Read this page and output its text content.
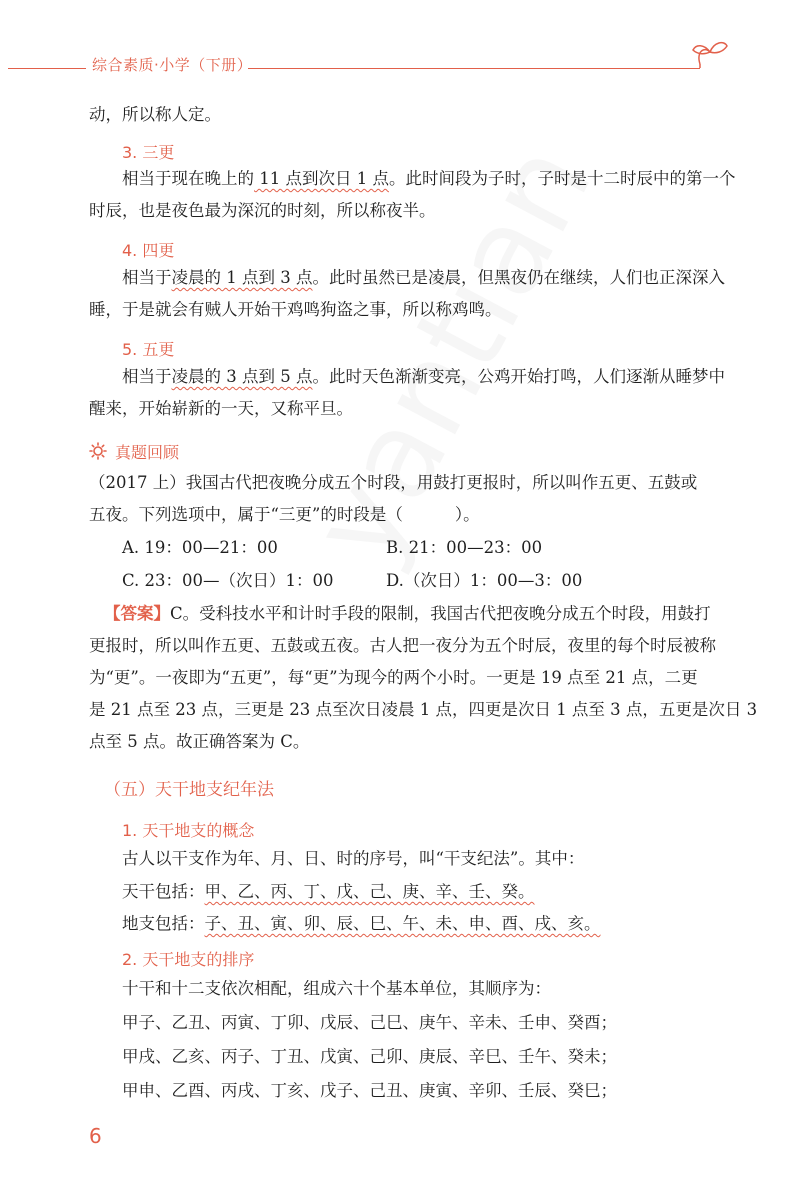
综合素质·小学（下册）
动，所以称人定。
3. 三更
相当于现在晚上的 11 点到次日 1 点。此时间段为子时，子时是十二时辰中的第一个
时辰，也是夜色最为深沉的时刻，所以称夜半。
4. 四更
相当于凌晨的 1 点到 3 点。此时虽然已是凌晨，但黑夜仍在继续，人们也正深深入
睡，于是就会有贼人开始干鸡鸣狗盗之事，所以称鸡鸣。
5. 五更
相当于凌晨的 3 点到 5 点。此时天色渐渐变亮，公鸡开始打鸣，人们逐渐从睡梦中
醒来，开始崭新的一天，又称平旦。
真题回顾
（2017 上）我国古代把夜晚分成五个时段，用鼓打更报时，所以叫作五更、五鼓或
五夜。下列选项中，属于“三更”的时段是（	）。
A. 19：00—21：00	B. 21：00—23：00
C. 23：00—（次日）1：00	D.（次日）1：00—3：00
【答案】C。受科技水平和计时手段的限制，我国古代把夜晚分成五个时段，用鼓打
更报时，所以叫作五更、五鼓或五夜。古人把一夜分为五个时辰，夜里的每个时辰被称
为“更”。一夜即为“五更”，每“更”为现今的两个小时。一更是 19 点至 21 点，二更
是 21 点至 23 点，三更是 23 点至次日凌晨 1 点，四更是次日 1 点至 3 点，五更是次日 3
点至 5 点。故正确答案为 C。
（五）天干地支纪年法
1. 天干地支的概念
古人以干支作为年、月、日、时的序号，叫“干支纪法”。其中：
天干包括：甲、乙、丙、丁、戊、己、庚、辛、壬、癸。
地支包括：子、丑、寅、卯、辰、巳、午、未、申、酉、戌、亥。
2. 天干地支的排序
十干和十二支依次相配，组成六十个基本单位，其顺序为：
甲子、乙丑、丙寅、丁卯、戊辰、己巳、庚午、辛未、壬申、癸酉；
甲戌、乙亥、丙子、丁丑、戊寅、己卯、庚辰、辛巳、壬午、癸未；
甲申、乙酉、丙戌、丁亥、戊子、己丑、庚寅、辛卯、壬辰、癸巳；
6
